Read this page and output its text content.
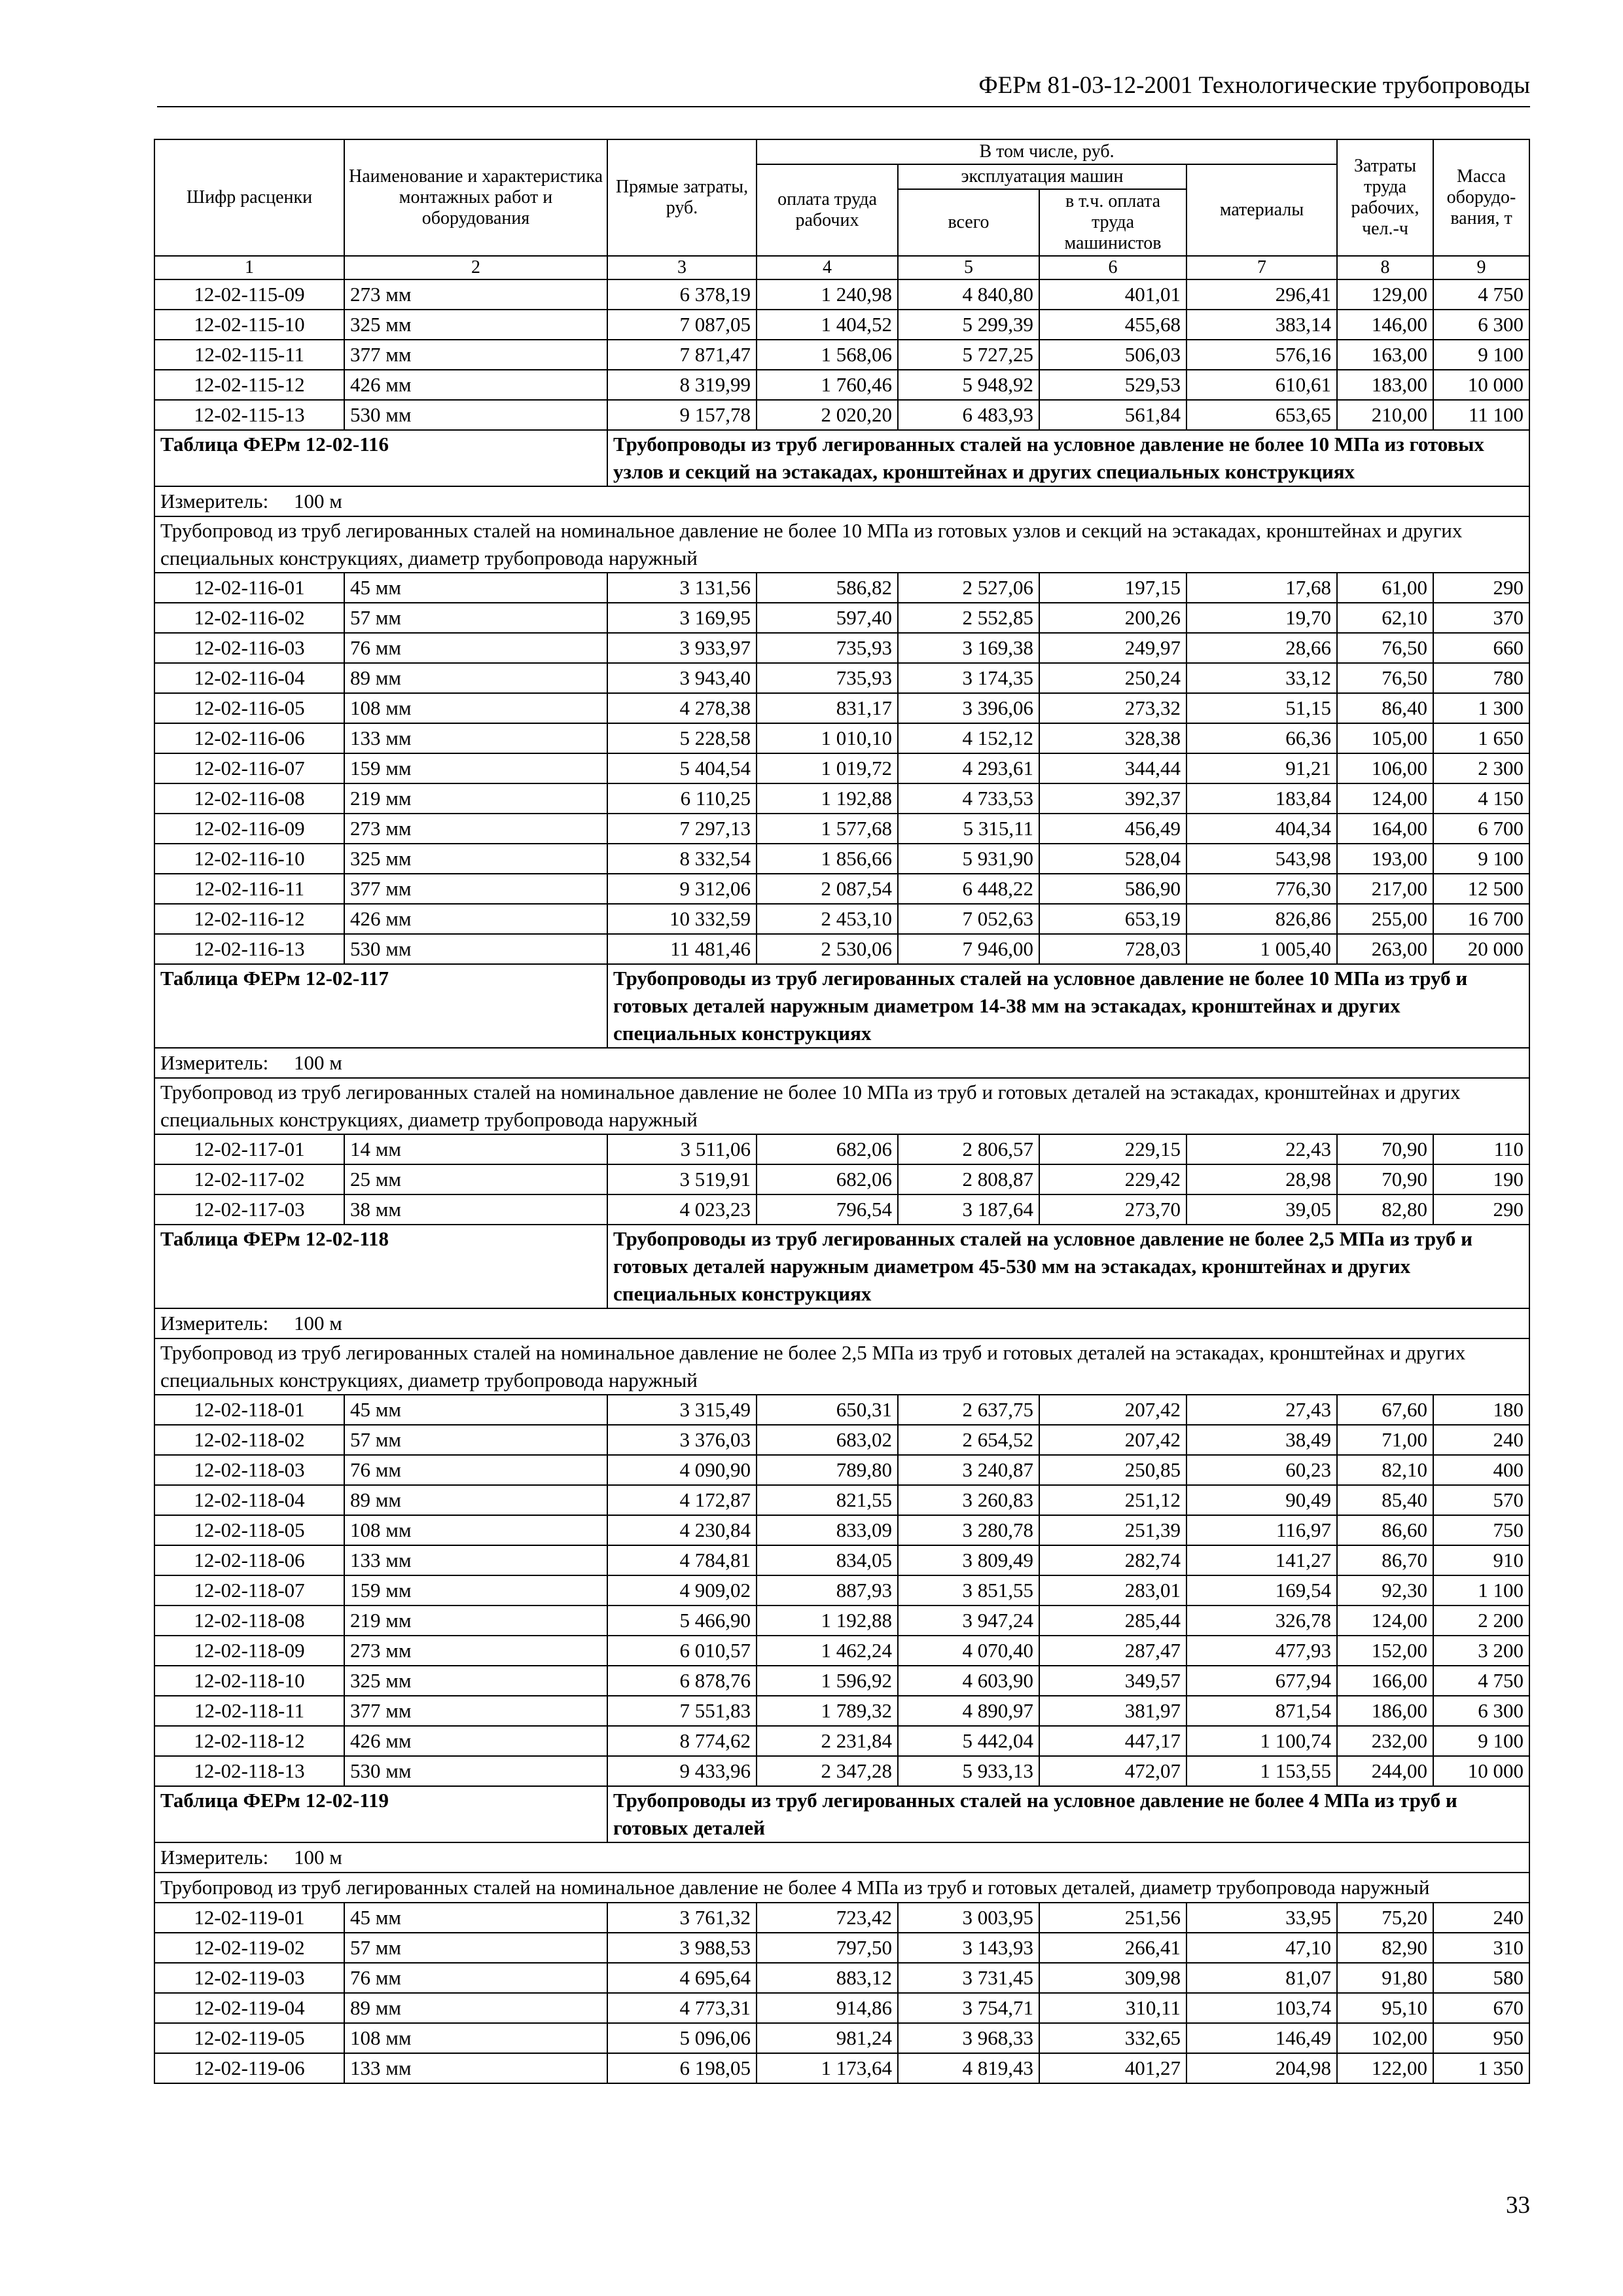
ФЕРм 81-03-12-2001 Технологические трубопроводы
Шифр расценки	Наименование и характеристика монтажных работ и оборудования	Прямые затраты, руб.	В том числе, руб.				Затраты труда рабочих, чел.-ч	Масса оборудо-вания, т
			оплата труда рабочих	эксплуатация машин		материалы		
				всего	в т.ч. оплата труда машинистов			
1	2	3	4	5	6	7	8	9
12-02-115-09	273 мм	6 378,19	1 240,98	4 840,80	401,01	296,41	129,00	4 750
12-02-115-10	325 мм	7 087,05	1 404,52	5 299,39	455,68	383,14	146,00	6 300
12-02-115-11	377 мм	7 871,47	1 568,06	5 727,25	506,03	576,16	163,00	9 100
12-02-115-12	426 мм	8 319,99	1 760,46	5 948,92	529,53	610,61	183,00	10 000
12-02-115-13	530 мм	9 157,78	2 020,20	6 483,93	561,84	653,65	210,00	11 100
Таблица ФЕРм 12-02-116		Трубопроводы из труб легированных сталей на условное давление не более 10 МПа из готовых узлов и секций на эстакадах, кронштейнах и других специальных конструкциях						
Измеритель: 100 м								
Трубопровод из труб легированных сталей на номинальное давление не более 10 МПа из готовых узлов и секций на эстакадах, кронштейнах и других специальных конструкциях, диаметр трубопровода наружный								
12-02-116-01	45 мм	3 131,56	586,82	2 527,06	197,15	17,68	61,00	290
12-02-116-02	57 мм	3 169,95	597,40	2 552,85	200,26	19,70	62,10	370
12-02-116-03	76 мм	3 933,97	735,93	3 169,38	249,97	28,66	76,50	660
12-02-116-04	89 мм	3 943,40	735,93	3 174,35	250,24	33,12	76,50	780
12-02-116-05	108 мм	4 278,38	831,17	3 396,06	273,32	51,15	86,40	1 300
12-02-116-06	133 мм	5 228,58	1 010,10	4 152,12	328,38	66,36	105,00	1 650
12-02-116-07	159 мм	5 404,54	1 019,72	4 293,61	344,44	91,21	106,00	2 300
12-02-116-08	219 мм	6 110,25	1 192,88	4 733,53	392,37	183,84	124,00	4 150
12-02-116-09	273 мм	7 297,13	1 577,68	5 315,11	456,49	404,34	164,00	6 700
12-02-116-10	325 мм	8 332,54	1 856,66	5 931,90	528,04	543,98	193,00	9 100
12-02-116-11	377 мм	9 312,06	2 087,54	6 448,22	586,90	776,30	217,00	12 500
12-02-116-12	426 мм	10 332,59	2 453,10	7 052,63	653,19	826,86	255,00	16 700
12-02-116-13	530 мм	11 481,46	2 530,06	7 946,00	728,03	1 005,40	263,00	20 000
Таблица ФЕРм 12-02-117		Трубопроводы из труб легированных сталей на условное давление не более 10 МПа из труб и готовых деталей наружным диаметром 14-38 мм на эстакадах, кронштейнах и других специальных конструкциях						
Измеритель: 100 м								
Трубопровод из труб легированных сталей на номинальное давление не более 10 МПа из труб и готовых деталей на эстакадах, кронштейнах и других специальных конструкциях, диаметр трубопровода наружный								
12-02-117-01	14 мм	3 511,06	682,06	2 806,57	229,15	22,43	70,90	110
12-02-117-02	25 мм	3 519,91	682,06	2 808,87	229,42	28,98	70,90	190
12-02-117-03	38 мм	4 023,23	796,54	3 187,64	273,70	39,05	82,80	290
Таблица ФЕРм 12-02-118		Трубопроводы из труб легированных сталей на условное давление не более 2,5 МПа из труб и готовых деталей наружным диаметром 45-530 мм на эстакадах, кронштейнах и других специальных конструкциях						
Измеритель: 100 м								
Трубопровод из труб легированных сталей на номинальное давление не более 2,5 МПа из труб и готовых деталей на эстакадах, кронштейнах и других специальных конструкциях, диаметр трубопровода наружный								
12-02-118-01	45 мм	3 315,49	650,31	2 637,75	207,42	27,43	67,60	180
12-02-118-02	57 мм	3 376,03	683,02	2 654,52	207,42	38,49	71,00	240
12-02-118-03	76 мм	4 090,90	789,80	3 240,87	250,85	60,23	82,10	400
12-02-118-04	89 мм	4 172,87	821,55	3 260,83	251,12	90,49	85,40	570
12-02-118-05	108 мм	4 230,84	833,09	3 280,78	251,39	116,97	86,60	750
12-02-118-06	133 мм	4 784,81	834,05	3 809,49	282,74	141,27	86,70	910
12-02-118-07	159 мм	4 909,02	887,93	3 851,55	283,01	169,54	92,30	1 100
12-02-118-08	219 мм	5 466,90	1 192,88	3 947,24	285,44	326,78	124,00	2 200
12-02-118-09	273 мм	6 010,57	1 462,24	4 070,40	287,47	477,93	152,00	3 200
12-02-118-10	325 мм	6 878,76	1 596,92	4 603,90	349,57	677,94	166,00	4 750
12-02-118-11	377 мм	7 551,83	1 789,32	4 890,97	381,97	871,54	186,00	6 300
12-02-118-12	426 мм	8 774,62	2 231,84	5 442,04	447,17	1 100,74	232,00	9 100
12-02-118-13	530 мм	9 433,96	2 347,28	5 933,13	472,07	1 153,55	244,00	10 000
Таблица ФЕРм 12-02-119		Трубопроводы из труб легированных сталей на условное давление не более 4 МПа из труб и готовых деталей						
Измеритель: 100 м								
Трубопровод из труб легированных сталей на номинальное давление не более 4 МПа из труб и готовых деталей, диаметр трубопровода наружный								
12-02-119-01	45 мм	3 761,32	723,42	3 003,95	251,56	33,95	75,20	240
12-02-119-02	57 мм	3 988,53	797,50	3 143,93	266,41	47,10	82,90	310
12-02-119-03	76 мм	4 695,64	883,12	3 731,45	309,98	81,07	91,80	580
12-02-119-04	89 мм	4 773,31	914,86	3 754,71	310,11	103,74	95,10	670
12-02-119-05	108 мм	5 096,06	981,24	3 968,33	332,65	146,49	102,00	950
12-02-119-06	133 мм	6 198,05	1 173,64	4 819,43	401,27	204,98	122,00	1 350
33
